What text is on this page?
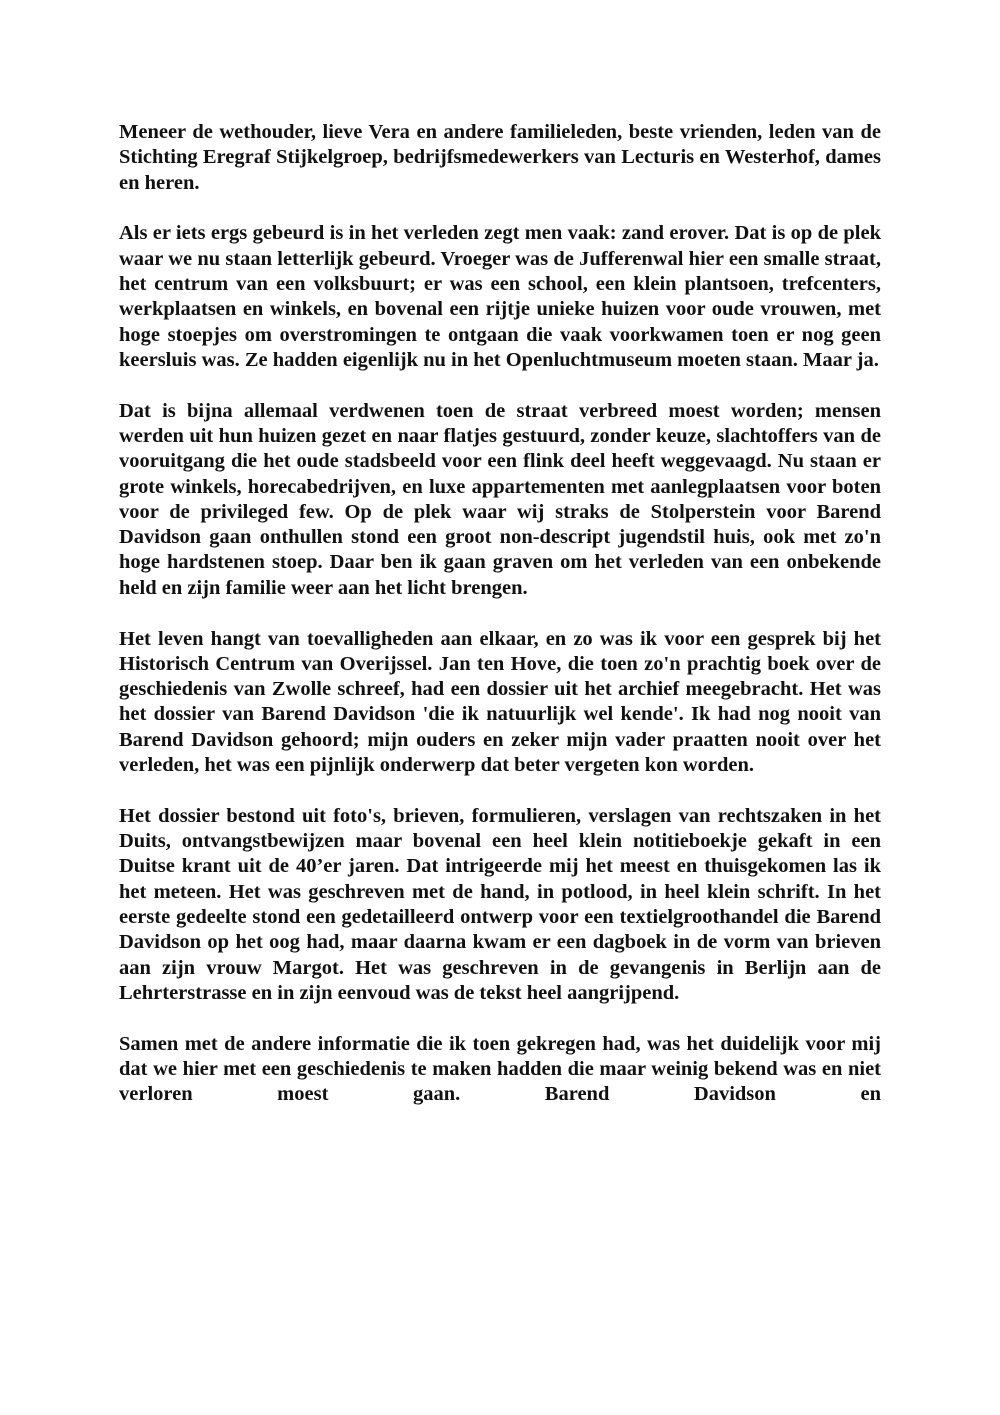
Meneer de wethouder, lieve Vera en andere familieleden, beste vrienden, leden van de Stichting Eregraf Stijkelgroep, bedrijfsmedewerkers van Lecturis en Westerhof, dames en heren.

Als er iets ergs gebeurd is in het verleden zegt men vaak: zand erover. Dat is op de plek waar we nu staan letterlijk gebeurd. Vroeger was de Jufferenwal hier een smalle straat, het centrum van een volksbuurt; er was een school, een klein plantsoen, trefcenters, werkplaatsen en winkels, en bovenal een rijtje unieke huizen voor oude vrouwen, met hoge stoepjes om overstromingen te ontgaan die vaak voorkwamen toen er nog geen keersluis was. Ze hadden eigenlijk nu in het Openluchtmuseum moeten staan. Maar ja.

Dat is bijna allemaal verdwenen toen de straat verbreed moest worden; mensen werden uit hun huizen gezet en naar flatjes gestuurd, zonder keuze, slachtoffers van de vooruitgang die het oude stadsbeeld voor een flink deel heeft weggevaagd. Nu staan er grote winkels, horecabedrijven, en luxe appartementen met aanlegplaatsen voor boten voor de privileged few. Op de plek waar wij straks de Stolperstein voor Barend Davidson gaan onthullen stond een groot non-descript jugendstil huis, ook met zo'n hoge hardstenen stoep. Daar ben ik gaan graven om het verleden van een onbekende held en zijn familie weer aan het licht brengen.

Het leven hangt van toevalligheden aan elkaar, en zo was ik voor een gesprek bij het Historisch Centrum van Overijssel. Jan ten Hove, die toen zo'n prachtig boek over de geschiedenis van Zwolle schreef, had een dossier uit het archief meegebracht. Het was het dossier van Barend Davidson 'die ik natuurlijk wel kende'. Ik had nog nooit van Barend Davidson gehoord; mijn ouders en zeker mijn vader praatten nooit over het verleden, het was een pijnlijk onderwerp dat beter vergeten kon worden.

Het dossier bestond uit foto's, brieven, formulieren, verslagen van rechtszaken in het Duits, ontvangstbewijzen maar bovenal een heel klein notitieboekje gekaft in een Duitse krant uit de 40’er jaren. Dat intrigeerde mij het meest en thuisgekomen las ik het meteen. Het was geschreven met de hand, in potlood, in heel klein schrift. In het eerste gedeelte stond een gedetailleerd ontwerp voor een textielgroothandel die Barend Davidson op het oog had, maar daarna kwam er een dagboek in de vorm van brieven aan zijn vrouw Margot. Het was geschreven in de gevangenis in Berlijn aan de Lehrterstrasse en in zijn eenvoud was de tekst heel aangrijpend.

Samen met de andere informatie die ik toen gekregen had, was het duidelijk voor mij dat we hier met een geschiedenis te maken hadden die maar weinig bekend was en niet verloren moest gaan. Barend Davidson en
